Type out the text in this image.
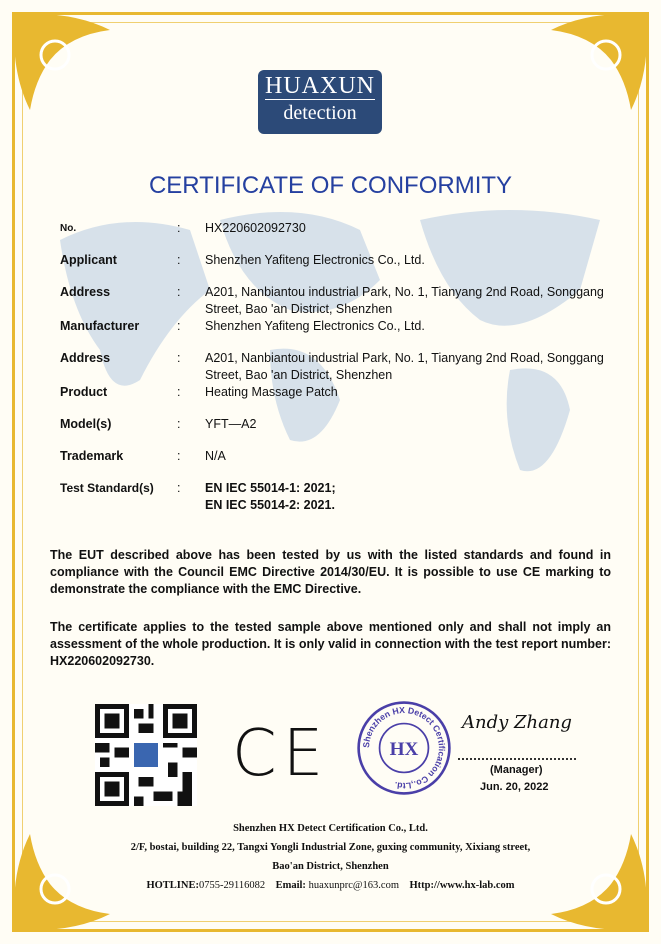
HUAXUN
detection
CERTIFICATE OF CONFORMITY
No.	:	HX220602092730
Applicant	:	Shenzhen Yafiteng Electronics Co., Ltd.
Address	:	A201, Nanbiantou industrial Park, No. 1, Tianyang 2nd Road, Songgang Street, Bao 'an District, Shenzhen
Manufacturer	:	Shenzhen Yafiteng Electronics Co., Ltd.
Address	:	A201, Nanbiantou industrial Park, No. 1, Tianyang 2nd Road, Songgang Street, Bao 'an District, Shenzhen
Product	:	Heating Massage Patch
Model(s)	:	YFT—A2
Trademark	:	N/A
Test Standard(s)	:	EN IEC 55014-1: 2021;
EN IEC 55014-2: 2021.
The EUT described above has been tested by us with the listed standards and found in compliance with the Council EMC Directive 2014/30/EU. It is possible to use CE marking to demonstrate the compliance with the EMC Directive.
The certificate applies to the tested sample above mentioned only and shall not imply an assessment of the whole production. It is only valid in connection with the test report number: HX220602092730.
CE	Shenzhen HX Detect Certification Co.,Ltd.
HX
Andy Zhang
(Manager)
Jun. 20, 2022
Shenzhen HX Detect Certification Co., Ltd.
2/F, bostai, building 22, Tangxi Yongli Industrial Zone, guxing community, Xixiang street,
Bao'an District, Shenzhen
HOTLINE:0755-29116082 Email: huaxunprc@163.com Http://www.hx-lab.com
